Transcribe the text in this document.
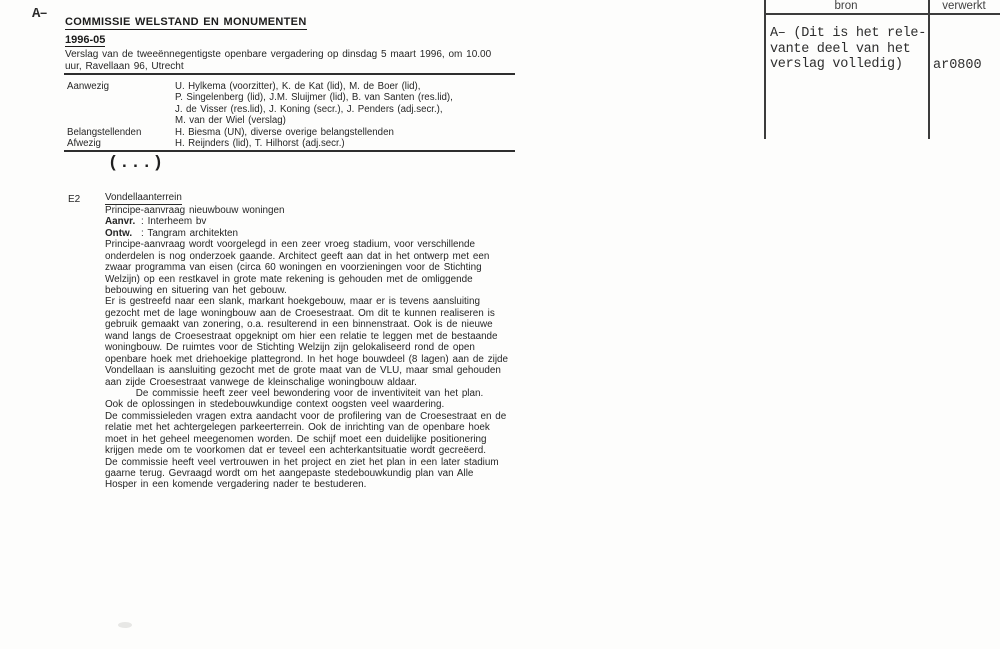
A– COMMISSIE WELSTAND EN MONUMENTEN
1996-05
Verslag van de tweeënnegentigste openbare vergadering op dinsdag 5 maart 1996, om 10.00
uur, Ravellaan 96, Utrecht
Aanwezig	U. Hylkema (voorzitter), K. de Kat (lid), M. de Boer (lid),
P. Singelenberg (lid), J.M. Sluijmer (lid), B. van Santen (res.lid),
J. de Visser (res.lid), J. Koning (secr.), J. Penders (adj.secr.),
M. van der Wiel (verslag)
Belangstellenden	H. Biesma (UN), diverse overige belangstellenden
Afwezig	H. Reijnders (lid), T. Hilhorst (adj.secr.)
(...)
E2	Vondellaanterrein
Principe-aanvraag nieuwbouw woningen
Aanvr. : Interheem bv
Ontw. : Tangram architekten
Principe-aanvraag wordt voorgelegd in een zeer vroeg stadium, voor verschillende
onderdelen is nog onderzoek gaande. Architect geeft aan dat in het ontwerp met een
zwaar programma van eisen (circa 60 woningen en voorzieningen voor de Stichting
Welzijn) op een restkavel in grote mate rekening is gehouden met de omliggende
bebouwing en situering van het gebouw.
Er is gestreefd naar een slank, markant hoekgebouw, maar er is tevens aansluiting
gezocht met de lage woningbouw aan de Croesestraat. Om dit te kunnen realiseren is
gebruik gemaakt van zonering, o.a. resulterend in een binnenstraat. Ook is de nieuwe
wand langs de Croesestraat opgeknipt om hier een relatie te leggen met de bestaande
woningbouw. De ruimtes voor de Stichting Welzijn zijn gelokaliseerd rond de open
openbare hoek met driehoekige plattegrond. In het hoge bouwdeel (8 lagen) aan de zijde
Vondellaan is aansluiting gezocht met de grote maat van de VLU, maar smal gehouden
aan zijde Croesestraat vanwege de kleinschalige woningbouw aldaar.
De commissie heeft zeer veel bewondering voor de inventiviteit van het plan.
Ook de oplossingen in stedebouwkundige context oogsten veel waardering.
De commissieleden vragen extra aandacht voor de profilering van de Croesestraat en de
relatie met het achtergelegen parkeerterrein. Ook de inrichting van de openbare hoek
moet in het geheel meegenomen worden. De schijf moet een duidelijke positionering
krijgen mede om te voorkomen dat er teveel een achterkantsituatie wordt gecreëerd.
De commissie heeft veel vertrouwen in het project en ziet het plan in een later stadium
gaarne terug. Gevraagd wordt om het aangepaste stedebouwkundig plan van Alle
Hosper in een komende vergadering nader te bestuderen.
bron	verwerkt
A– (Dit is het rele-
vante deel van het
verslag volledig)	ar0800
